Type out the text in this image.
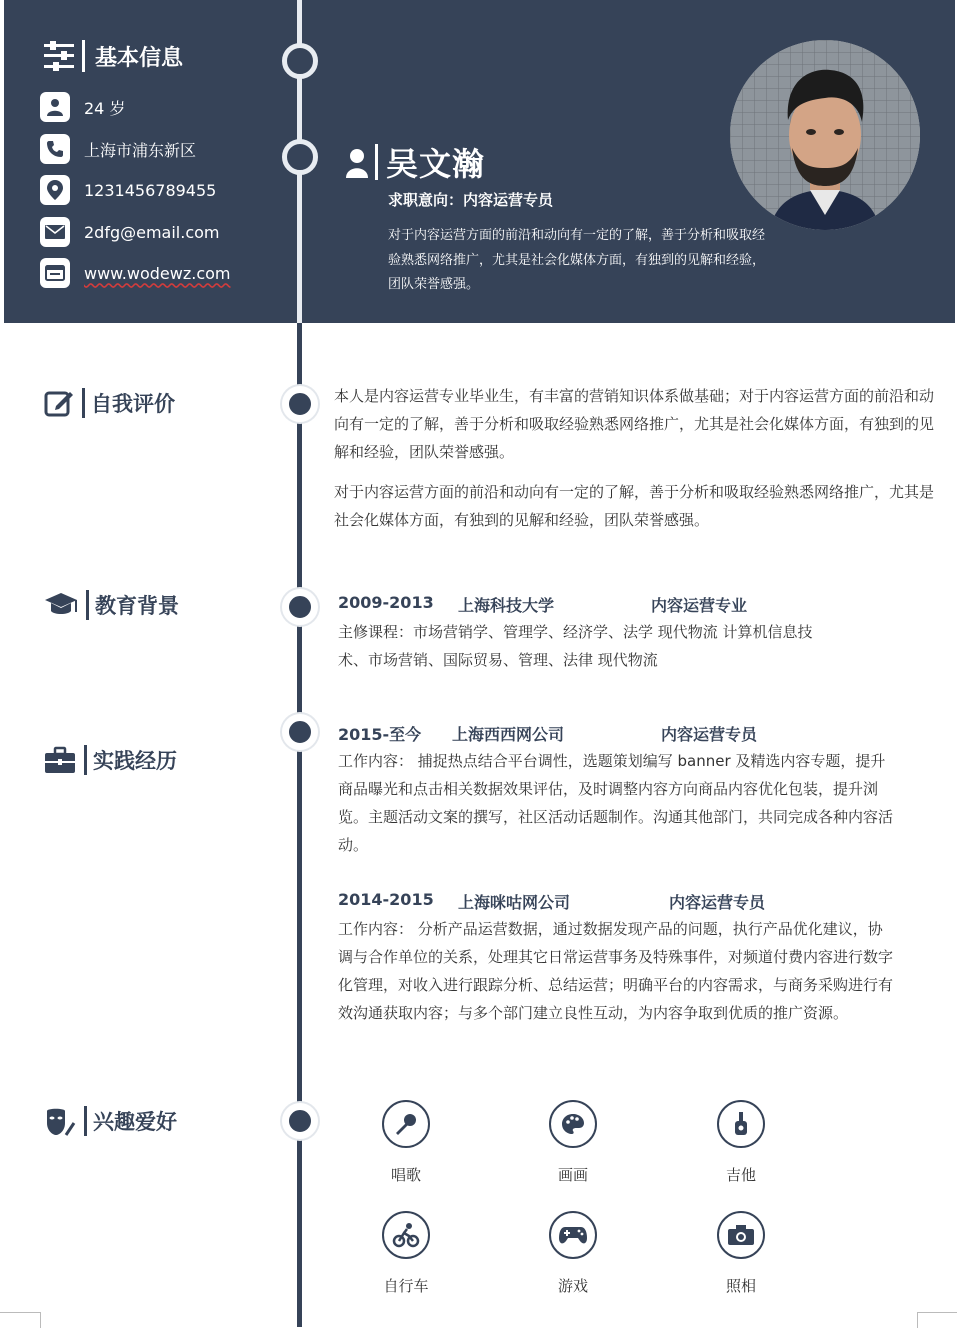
基本信息
24 岁
上海市浦东新区
1231456789455
2dfg@email.com
www.wodewz.com
吴文瀚
求职意向：内容运营专员
对于内容运营方面的前沿和动向有一定的了解，善于分析和吸取经验熟悉网络推广，尤其是社会化媒体方面，有独到的见解和经验，团队荣誉感强。
自我评价	本人是内容运营专业毕业生，有丰富的营销知识体系做基础；对于内容运营方面的前沿和动向有一定的了解，善于分析和吸取经验熟悉网络推广，尤其是社会化媒体方面，有独到的见解和经验，团队荣誉感强。
对于内容运营方面的前沿和动向有一定的了解，善于分析和吸取经验熟悉网络推广，尤其是社会化媒体方面，有独到的见解和经验，团队荣誉感强。
教育背景	2009-2013 上海科技大学	内容运营专业
主修课程：市场营销学、管理学、经济学、法学 现代物流 计算机信息技术、市场营销、国际贸易、管理、法律 现代物流
实践经历
2015-至今 上海西西网公司	内容运营专员
工作内容： 捕捉热点结合平台调性，选题策划编写 banner 及精选内容专题，提升商品曝光和点击相关数据效果评估，及时调整内容方向商品内容优化包装，提升浏览。主题活动文案的撰写，社区活动话题制作。沟通其他部门，共同完成各种内容活动。
2014-2015 上海咪咕网公司	内容运营专员
工作内容： 分析产品运营数据，通过数据发现产品的问题，执行产品优化建议，协调与合作单位的关系，处理其它日常运营事务及特殊事件，对频道付费内容进行数字化管理，对收入进行跟踪分析、总结运营；明确平台的内容需求，与商务采购进行有效沟通获取内容；与多个部门建立良性互动，为内容争取到优质的推广资源。
兴趣爱好
唱歌	画画	吉他
自行车	游戏	照相
